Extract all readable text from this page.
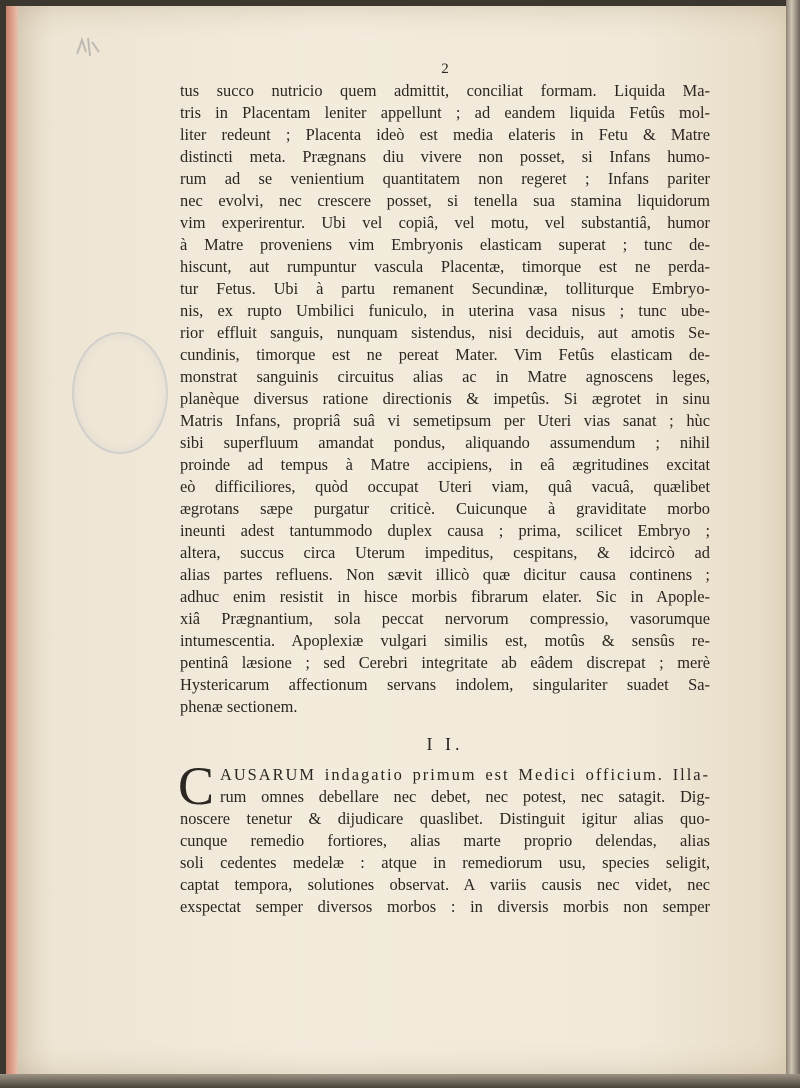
2
tus succo nutricio quem admittit, conciliat formam. Liquida Ma-
tris in Placentam leniter appellunt ; ad eandem liquida Fetûs mol-
liter redeunt ; Placenta ideò est media elateris in Fetu & Matre
distincti meta. Prægnans diu vivere non posset, si Infans humo-
rum ad se venientium quantitatem non regeret ; Infans pariter
nec evolvi, nec crescere posset, si tenella sua stamina liquidorum
vim experirentur. Ubi vel copiâ, vel motu, vel substantiâ, humor
à Matre proveniens vim Embryonis elasticam superat ; tunc de-
hiscunt, aut rumpuntur vascula Placentæ, timorque est ne perda-
tur Fetus. Ubi à partu remanent Secundinæ, tolliturque Embryo-
nis, ex rupto Umbilici funiculo, in uterina vasa nisus ; tunc ube-
rior effluit sanguis, nunquam sistendus, nisi deciduis, aut amotis Se-
cundinis, timorque est ne pereat Mater. Vim Fetûs elasticam de-
monstrat sanguinis circuitus alias ac in Matre agnoscens leges,
planèque diversus ratione directionis & impetûs. Si ægrotet in sinu
Matris Infans, propriâ suâ vi semetipsum per Uteri vias sanat ; hùc
sibi superfluum amandat pondus, aliquando assumendum ; nihil
proinde ad tempus à Matre accipiens, in eâ ægritudines excitat
eò difficiliores, quòd occupat Uteri viam, quâ vacuâ, quælibet
ægrotans sæpe purgatur criticè. Cuicunque à graviditate morbo
ineunti adest tantummodo duplex causa ; prima, scilicet Embryo ;
altera, succus circa Uterum impeditus, cespitans, & idcircò ad
alias partes refluens. Non sævit illicò quæ dicitur causa continens ;
adhuc enim resistit in hisce morbis fibrarum elater. Sic in Apople-
xiâ Prægnantium, sola peccat nervorum compressio, vasorumque
intumescentia. Apoplexiæ vulgari similis est, motûs & sensûs re-
pentinâ læsione ; sed Cerebri integritate ab eâdem discrepat ; merè
Hystericarum affectionum servans indolem, singulariter suadet Sa-
phenæ sectionem.
I I.
C AUSARUM indagatio primum est Medici officium. Illa-
rum omnes debellare nec debet, nec potest, nec satagit. Dig-
noscere tenetur & dijudicare quaslibet. Distinguit igitur alias quo-
cunque remedio fortiores, alias marte proprio delendas, alias
soli cedentes medelæ : atque in remediorum usu, species seligit,
captat tempora, solutiones observat. A variis causis nec videt, nec
exspectat semper diversos morbos : in diversis morbis non semper
